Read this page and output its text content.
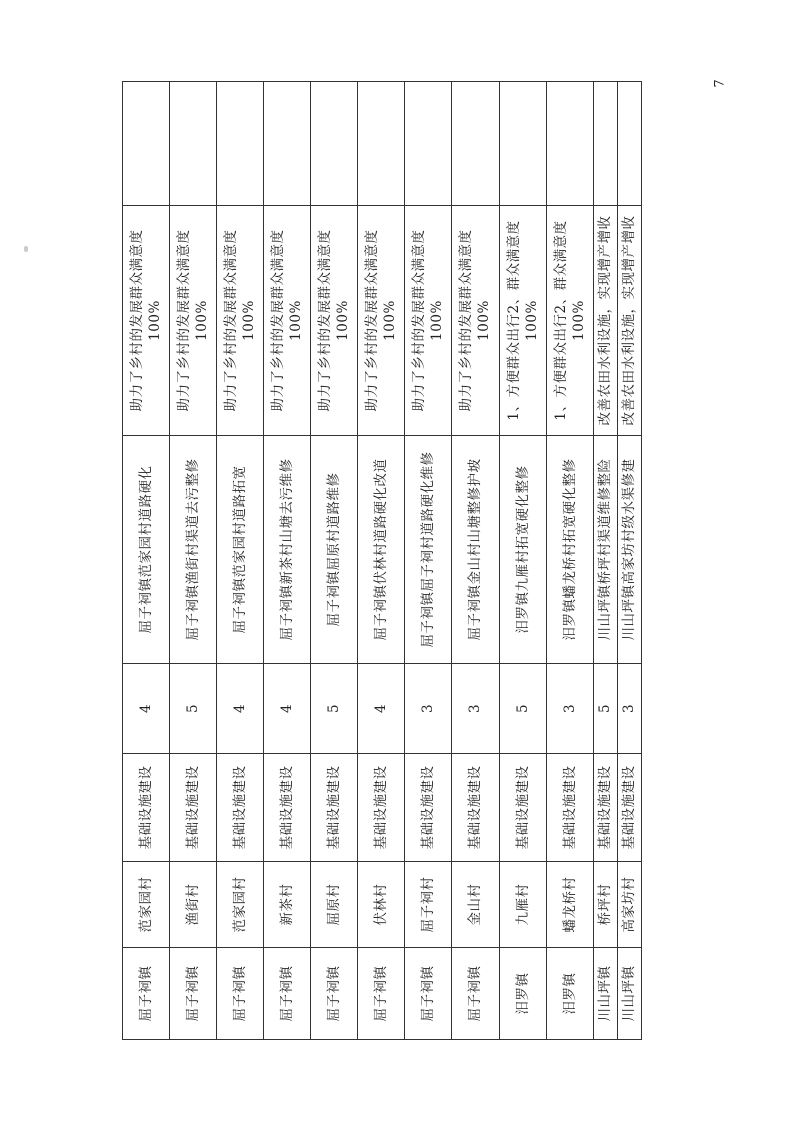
7
屈子祠镇	范家园村	基础设施建设	4	屈子祠镇范家园村道路硬化	助力了乡村的发展群众满意度100%	
屈子祠镇	渔街村	基础设施建设	5	屈子祠镇渔街村渠道去污整修	助力了乡村的发展群众满意度100%	
屈子祠镇	范家园村	基础设施建设	4	屈子祠镇范家园村道路拓宽	助力了乡村的发展群众满意度100%	
屈子祠镇	新茶村	基础设施建设	4	屈子祠镇新茶村山塘去污维修	助力了乡村的发展群众满意度100%	
屈子祠镇	屈原村	基础设施建设	5	屈子祠镇屈原村道路维修	助力了乡村的发展群众满意度100%	
屈子祠镇	伏林村	基础设施建设	4	屈子祠镇伏林村道路硬化改道	助力了乡村的发展群众满意度100%	
屈子祠镇	屈子祠村	基础设施建设	3	屈子祠镇屈子祠村道路硬化维修	助力了乡村的发展群众满意度100%	
屈子祠镇	金山村	基础设施建设	3	屈子祠镇金山村山塘整修护坡	助力了乡村的发展群众满意度100%	
汨罗镇	九雁村	基础设施建设	5	汨罗镇九雁村拓宽硬化整修	1、方便群众出行2、群众满意度100%	
汨罗镇	蟠龙桥村	基础设施建设	3	汨罗镇蟠龙桥村拓宽硬化整修	1、方便群众出行2、群众满意度100%	
川山坪镇	桥坪村	基础设施建设	5	川山坪镇桥坪村渠道维修整险	改善农田水利设施，实现增产增收	
川山坪镇	高家坊村	基础设施建设	3	川山坪镇高家坊村级水渠修建	改善农田水利设施，实现增产增收	
